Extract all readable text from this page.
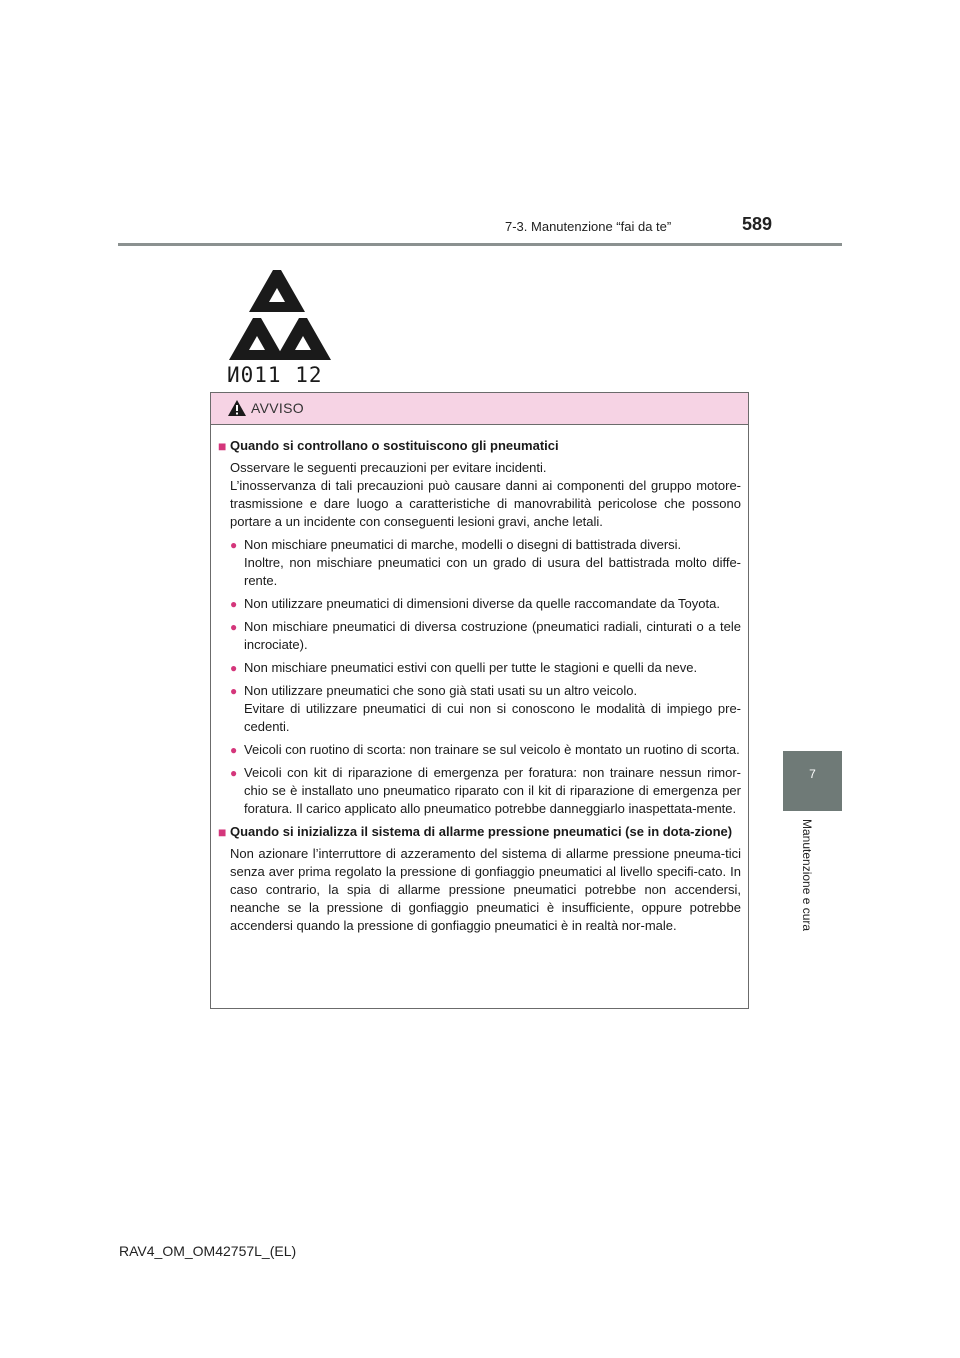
7-3. Manutenzione “fai da te”	589
7
Manutenzione e cura
И011 12
AVVISO
■ Quando si controllano o sostituiscono gli pneumatici

Osservare le seguenti precauzioni per evitare incidenti.

L’inosservanza di tali precauzioni può causare danni ai componenti del gruppo motore-trasmissione e dare luogo a caratteristiche di manovrabilità pericolose che possono portare a un incidente con conseguenti lesioni gravi, anche letali.

● Non mischiare pneumatici di marche, modelli o disegni di battistrada diversi.

Inoltre, non mischiare pneumatici con un grado di usura del battistrada molto diffe-rente.

● Non utilizzare pneumatici di dimensioni diverse da quelle raccomandate da Toyota.

● Non mischiare pneumatici di diversa costruzione (pneumatici radiali, cinturati o a tele incrociate).

● Non mischiare pneumatici estivi con quelli per tutte le stagioni e quelli da neve.

● Non utilizzare pneumatici che sono già stati usati su un altro veicolo.

Evitare di utilizzare pneumatici di cui non si conoscono le modalità di impiego pre-cedenti.

● Veicoli con ruotino di scorta: non trainare se sul veicolo è montato un ruotino di scorta.

● Veicoli con kit di riparazione di emergenza per foratura: non trainare nessun rimor-chio se è installato uno pneumatico riparato con il kit di riparazione di emergenza per foratura. Il carico applicato allo pneumatico potrebbe danneggiarlo inaspettata-mente.

■ Quando si inizializza il sistema di allarme pressione pneumatici (se in dota-zione)

Non azionare l’interruttore di azzeramento del sistema di allarme pressione pneuma-tici senza aver prima regolato la pressione di gonfiaggio pneumatici al livello specifi-cato. In caso contrario, la spia di allarme pressione pneumatici potrebbe non accendersi, neanche se la pressione di gonfiaggio pneumatici è insufficiente, oppure potrebbe accendersi quando la pressione di gonfiaggio pneumatici è in realtà nor-male.

RAV4_OM_OM42757L_(EL)
